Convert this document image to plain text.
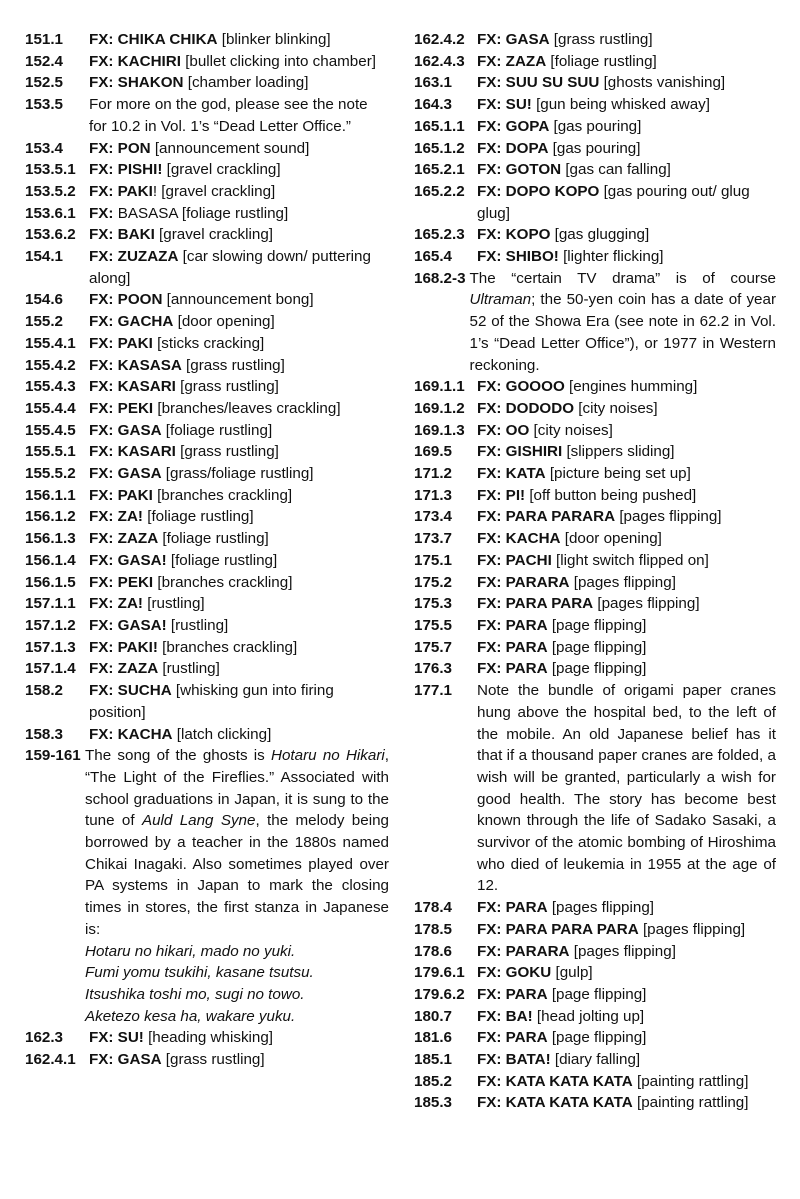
151.1	FX: CHIKA CHIKA [blinker blinking]
152.4	FX: KACHIRI [bullet clicking into chamber]
152.5	FX: SHAKON [chamber loading]
153.5	For more on the god, please see the note for 10.2 in Vol. 1’s “Dead Letter Office.”
153.4	FX: PON [announcement sound]
153.5.1 FX: PISHI! [gravel crackling]
153.5.2 FX: PAKI! [gravel crackling]
153.6.1 FX: BASASA [foliage rustling]
153.6.2 FX: BAKI [gravel crackling]
154.1	FX: ZUZAZA [car slowing down/ puttering along]
154.6	FX: POON [announcement bong]
155.2	FX: GACHA [door opening]
155.4.1 FX: PAKI [sticks cracking]
155.4.2 FX: KASASA [grass rustling]
155.4.3 FX: KASARI [grass rustling]
155.4.4 FX: PEKI [branches/leaves crackling]
155.4.5 FX: GASA [foliage rustling]
155.5.1 FX: KASARI [grass rustling]
155.5.2 FX: GASA [grass/foliage rustling]
156.1.1 FX: PAKI [branches crackling]
156.1.2 FX: ZA! [foliage rustling]
156.1.3 FX: ZAZA [foliage rustling]
156.1.4 FX: GASA! [foliage rustling]
156.1.5 FX: PEKI [branches crackling]
157.1.1 FX: ZA! [rustling]
157.1.2 FX: GASA! [rustling]
157.1.3 FX: PAKI! [branches crackling]
157.1.4 FX: ZAZA [rustling]
158.2	FX: SUCHA [whisking gun into firing position]
158.3	FX: KACHA [latch clicking]
159-161 The song of the ghosts is Hotaru no Hikari, “The Light of the Fireflies.” Associated with school graduations in Japan, it is sung to the tune of Auld Lang Syne, the melody being borrowed by a teacher in the 1880s named Chikai Inagaki. Also sometimes played over PA systems in Japan to mark the closing times in stores, the first stanza in Japanese is:
Hotaru no hikari, mado no yuki.
Fumi yomu tsukihi, kasane tsutsu.
Itsushika toshi mo, sugi no towo.
Aketezo kesa ha, wakare yuku.
162.3	FX: SU! [heading whisking]
162.4.1 FX: GASA [grass rustling]
162.4.2 FX: GASA [grass rustling]
162.4.3 FX: ZAZA [foliage rustling]
163.1	FX: SUU SU SUU [ghosts vanishing]
164.3	FX: SU! [gun being whisked away]
165.1.1 FX: GOPA [gas pouring]
165.1.2 FX: DOPA [gas pouring]
165.2.1 FX: GOTON [gas can falling]
165.2.2 FX: DOPO KOPO [gas pouring out/ glug glug]
165.2.3 FX: KOPO [gas glugging]
165.4	FX: SHIBO! [lighter flicking]
168.2-3 The “certain TV drama” is of course Ultraman; the 50-yen coin has a date of year 52 of the Showa Era (see note in 62.2 in Vol. 1’s “Dead Letter Office”), or 1977 in Western reckoning.
169.1.1 FX: GOOOO [engines humming]
169.1.2 FX: DODODO [city noises]
169.1.3 FX: OO [city noises]
169.5	FX: GISHIRI [slippers sliding]
171.2	FX: KATA [picture being set up]
171.3	FX: PI! [off button being pushed]
173.4	FX: PARA PARARA [pages flipping]
173.7	FX: KACHA [door opening]
175.1	FX: PACHI [light switch flipped on]
175.2	FX: PARARA [pages flipping]
175.3	FX: PARA PARA [pages flipping]
175.5	FX: PARA [page flipping]
175.7	FX: PARA [page flipping]
176.3	FX: PARA [page flipping]
177.1	Note the bundle of origami paper cranes hung above the hospital bed, to the left of the mobile. An old Japanese belief has it that if a thousand paper cranes are folded, a wish will be granted, particularly a wish for good health. The story has become best known through the life of Sadako Sasaki, a survivor of the atomic bombing of Hiroshima who died of leukemia in 1955 at the age of 12.
178.4	FX: PARA [pages flipping]
178.5	FX: PARA PARA PARA [pages flipping]
178.6	FX: PARARA [pages flipping]
179.6.1 FX: GOKU [gulp]
179.6.2 FX: PARA [page flipping]
180.7	FX: BA! [head jolting up]
181.6	FX: PARA [page flipping]
185.1	FX: BATA! [diary falling]
185.2	FX: KATA KATA KATA [painting rattling]
185.3	FX: KATA KATA KATA [painting rattling]
